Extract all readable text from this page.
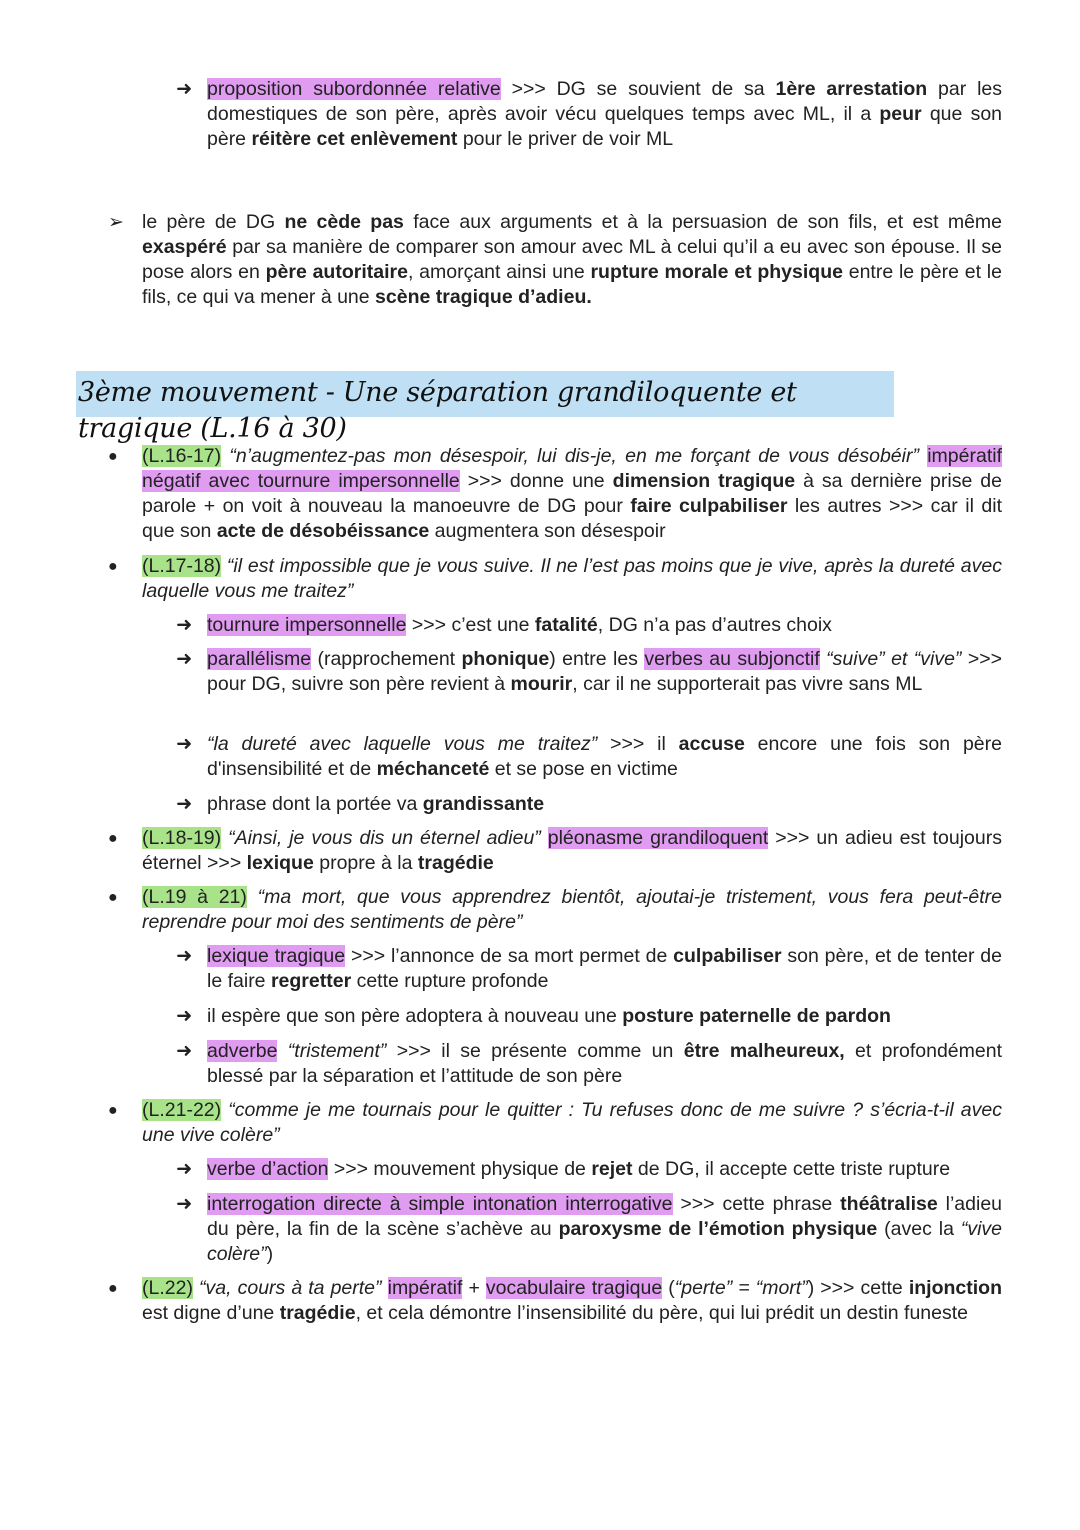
➜ proposition subordonnée relative >>> DG se souvient de sa 1ère arrestation par les domestiques de son père, après avoir vécu quelques temps avec ML, il a peur que son père réitère cet enlèvement pour le priver de voir ML
➢ le père de DG ne cède pas face aux arguments et à la persuasion de son fils, et est même exaspéré par sa manière de comparer son amour avec ML à celui qu’il a eu avec son épouse. Il se pose alors en père autoritaire, amorçant ainsi une rupture morale et physique entre le père et le fils, ce qui va mener à une scène tragique d’adieu.
3ème mouvement - Une séparation grandiloquente et tragique (L.16 à 30)
● (L.16-17) “n’augmentez-pas mon désespoir, lui dis-je, en me forçant de vous désobéir” impératif négatif avec tournure impersonnelle >>> donne une dimension tragique à sa dernière prise de parole + on voit à nouveau la manoeuvre de DG pour faire culpabiliser les autres >>> car il dit que son acte de désobéissance augmentera son désespoir
● (L.17-18) “il est impossible que je vous suive. Il ne l’est pas moins que je vive, après la dureté avec laquelle vous me traitez”
➜ tournure impersonnelle >>> c’est une fatalité, DG n’a pas d’autres choix
➜ parallélisme (rapprochement phonique) entre les verbes au subjonctif “suive” et “vive” >>> pour DG, suivre son père revient à mourir, car il ne supporterait pas vivre sans ML
➜ “la dureté avec laquelle vous me traitez” >>> il accuse encore une fois son père d'insensibilité et de méchanceté et se pose en victime
➜ phrase dont la portée va grandissante
● (L.18-19) “Ainsi, je vous dis un éternel adieu” pléonasme grandiloquent >>> un adieu est toujours éternel >>> lexique propre à la tragédie
● (L.19 à 21) “ma mort, que vous apprendrez bientôt, ajoutai-je tristement, vous fera peut-être reprendre pour moi des sentiments de père”
➜ lexique tragique >>> l’annonce de sa mort permet de culpabiliser son père, et de tenter de le faire regretter cette rupture profonde
➜ il espère que son père adoptera à nouveau une posture paternelle de pardon
➜ adverbe “tristement” >>> il se présente comme un être malheureux, et profondément blessé par la séparation et l’attitude de son père
● (L.21-22) “comme je me tournais pour le quitter : Tu refuses donc de me suivre ? s’écria-t-il avec une vive colère”
➜ verbe d’action >>> mouvement physique de rejet de DG, il accepte cette triste rupture
➜ interrogation directe à simple intonation interrogative >>> cette phrase théâtralise l’adieu du père, la fin de la scène s’achève au paroxysme de l’émotion physique (avec la “vive colère”)
● (L.22) “va, cours à ta perte” impératif + vocabulaire tragique (“perte” = “mort”) >>> cette injonction est digne d’une tragédie, et cela démontre l’insensibilité du père, qui lui prédit un destin funeste
